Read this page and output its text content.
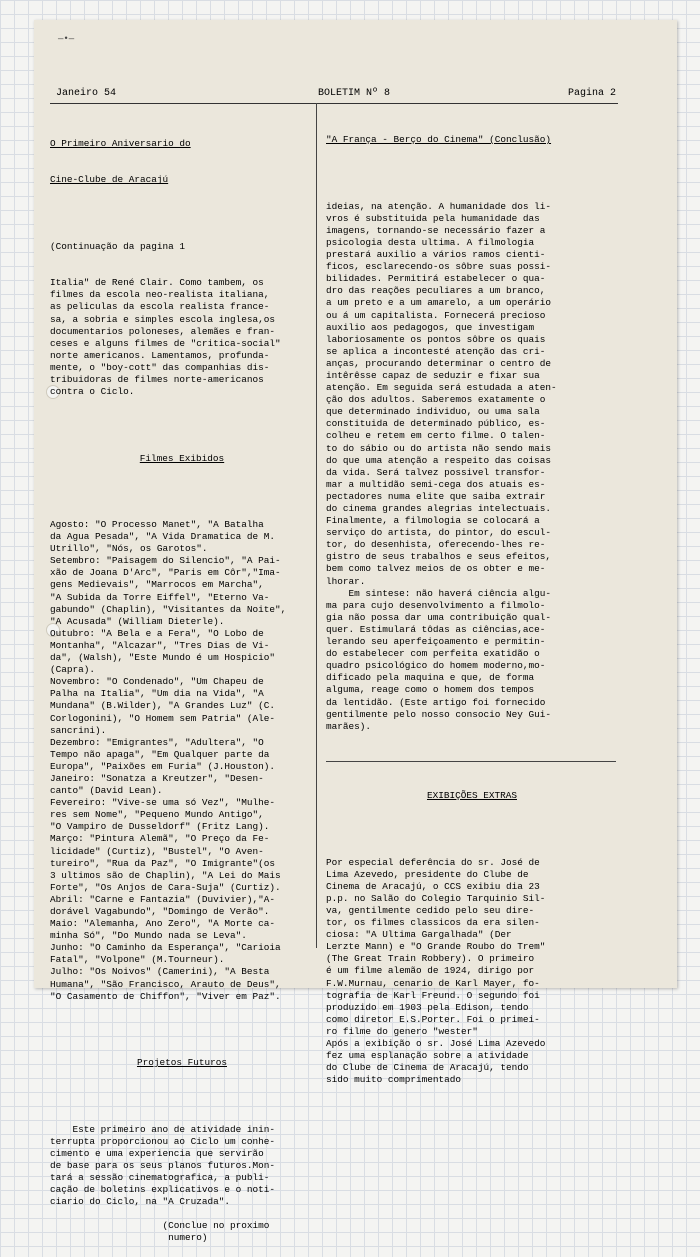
—•—
Janeiro 54	BOLETIM Nº 8	Pagina 2

O Primeiro Aniversario do

Cine-Clube de Aracajú

(Continuação da pagina 1

Italia" de René Clair. Como tambem, os
filmes da escola neo-realista italiana,
as peliculas da escola realista france-
sa, a sobria e simples escola inglesa,os
documentarios poloneses, alemães e fran-
ceses e alguns filmes de "critica-social"
norte americanos. Lamentamos, profunda-
mente, o "boy-cott" das companhias dis-
tribuidoras de filmes norte-americanos
contra o Ciclo.

Filmes Exibidos

Agosto: "O Processo Manet", "A Batalha
da Agua Pesada", "A Vida Dramatica de M.
Utrillo", "Nós, os Garotos".
Setembro: "Paisagem do Silencio", "A Pai-
xão de Joana D'Arc", "Paris em Côr","Ima-
gens Medievais", "Marrocos em Marcha",
"A Subida da Torre Eiffel", "Eterno Va-
gabundo" (Chaplin), "Visitantes da Noite",
"A Acusada" (William Dieterle).
Outubro: "A Bela e a Fera", "O Lobo de
Montanha", "Alcazar", "Tres Dias de Vi-
da", (Walsh), "Este Mundo é um Hospicio"
(Capra).
Novembro: "O Condenado", "Um Chapeu de
Palha na Italia", "Um dia na Vida", "A
Mundana" (B.Wilder), "A Grandes Luz" (C.
Corlogonini), "O Homem sem Patria" (Ale-
sancrini).
Dezembro: "Emigrantes", "Adultera", "O
Tempo não apaga", "Em Qualquer parte da
Europa", "Paixões em Furia" (J.Houston).
Janeiro: "Sonatza a Kreutzer", "Desen-
canto" (David Lean).
Fevereiro: "Vive-se uma só Vez", "Mulhe-
res sem Nome", "Pequeno Mundo Antigo",
"O Vampiro de Dusseldorf" (Fritz Lang).
Março: "Pintura Alemã", "O Preço da Fe-
licidade" (Curtiz), "Bustel", "O Aven-
tureiro", "Rua da Paz", "O Imigrante"(os
3 ultimos são de Chaplin), "A Lei do Mais
Forte", "Os Anjos de Cara-Suja" (Curtiz).
Abril: "Carne e Fantazia" (Duvivier),"A-
dorável Vagabundo", "Domingo de Verão".
Maio: "Alemanha, Ano Zero", "A Morte ca-
minha Só", "Do Mundo nada se Leva".
Junho: "O Caminho da Esperança", "Carioia
Fatal", "Volpone" (M.Tourneur).
Julho: "Os Noivos" (Camerini), "A Besta
Humana", "São Francisco, Arauto de Deus",
"O Casamento de Chiffon", "Viver em Paz".

Projetos Futuros

Este primeiro ano de atividade inin-
terrupta proporcionou ao Ciclo um conhe-
cimento e uma experiencia que servirão
de base para os seus planos futuros.Mon-
tará a sessão cinematografica, a publi-
cação de boletins explicativos e o noti-
ciario do Ciclo, na "A Cruzada".
(Conclue no proximo
numero)

"A França - Berço do Cinema" (Conclusão)

ideias, na atenção. A humanidade dos li-
vros é substituida pela humanidade das
imagens, tornando-se necessário fazer a
psicologia desta ultima. A filmologia
prestará auxilio a vários ramos cienti-
ficos, esclarecendo-os sôbre suas possi-
bilidades. Permitirá estabelecer o qua-
dro das reações peculiares a um branco,
a um preto e a um amarelo, a um operário
ou á um capitalista. Fornecerá precioso
auxilio aos pedagogos, que investigam
laboriosamente os pontos sôbre os quais
se aplica a incontesté atenção das cri-
anças, procurando determinar o centro de
intêrêsse capaz de seduzir e fixar sua
atenção. Em seguida será estudada a aten-
ção dos adultos. Saberemos exatamente o
que determinado individuo, ou uma sala
constituida de determinado público, es-
colheu e retem em certo filme. O talen-
to do sábio ou do artista não sendo mais
do que uma atenção a respeito das coisas
da vida. Será talvez possivel transfor-
mar a multidão semi-cega dos atuais es-
pectadores numa elite que saiba extrair
do cinema grandes alegrias intelectuais.
Finalmente, a filmologia se colocará a
serviço do artista, do pintor, do escul-
tor, do desenhista, oferecendo-lhes re-
gistro de seus trabalhos e seus efeitos,
bem como talvez meios de os obter e me-
lhorar.
Em sintese: não haverá ciência algu-
ma para cujo desenvolvimento a filmolo-
gia não possa dar uma contribuição qual-
quer. Estimulará tôdas as ciências,ace-
lerando seu aperfeiçoamento e permitin-
do estabelecer com perfeita exatidão o
quadro psicológico do homem moderno,mo-
dificado pela maquina e que, de forma
alguma, reage como o homem dos tempos
da lentidão. (Este artigo foi fornecido
gentilmente pelo nosso consocio Ney Gui-
marães).

EXIBIÇÕES EXTRAS

Por especial deferência do sr. José de
Lima Azevedo, presidente do Clube de
Cinema de Aracajú, o CCS exibiu dia 23
p.p. no Salão do Colegio Tarquinio Sil-
va, gentilmente cedido pelo seu dire-
tor, os filmes classicos da era silen-
ciosa: "A Ultima Gargalhada" (Der
Lerzte Mann) e "O Grande Roubo do Trem"
(The Great Train Robbery). O primeiro
é um filme alemão de 1924, dirigo por
F.W.Murnau, cenario de Karl Mayer, fo-
tografia de Karl Freund. O segundo foi
produzido em 1903 pela Edison, tendo
como diretor E.S.Porter. Foi o primei-
ro filme do genero "wester"
Após a exibição o sr. José Lima Azevedo
fez uma esplanação sobre a atividade
do Clube de Cinema de Aracajú, tendo
sido muito comprimentado
